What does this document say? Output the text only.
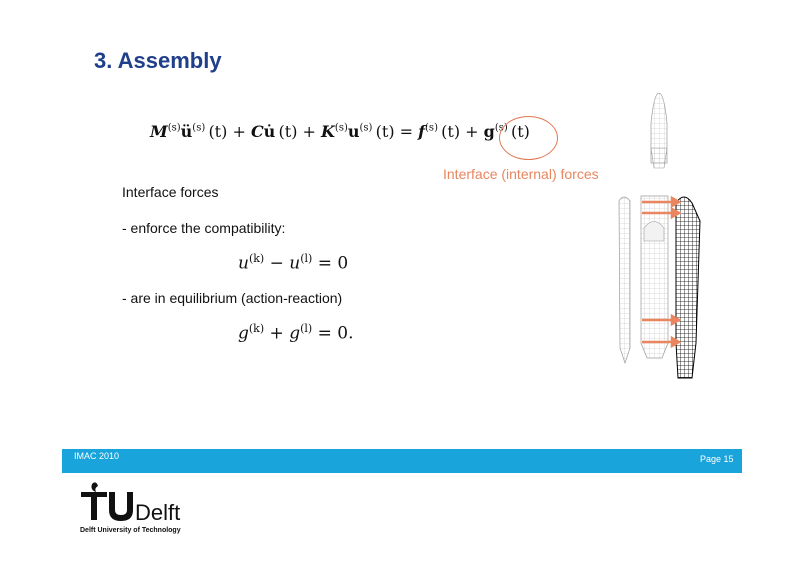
3. Assembly
$M^{(s)}ü^{(s)}$  (t) + Cu̇  $(t) + K^{(s)}u^{(s)}$  $(t) = f^{(s)}$  $(t) + g^{(s)}$  (t)
Interface (internal) forces
Interface forces
- enforce the compatibility:
$u^{(k)} - u^{(l)} = 0$
- are in equilibrium (action-reaction)
$g^{(k)} + g^{(l)} = 0$.
IMAC 2010	Page 15
Delft
Delft University of Technology
